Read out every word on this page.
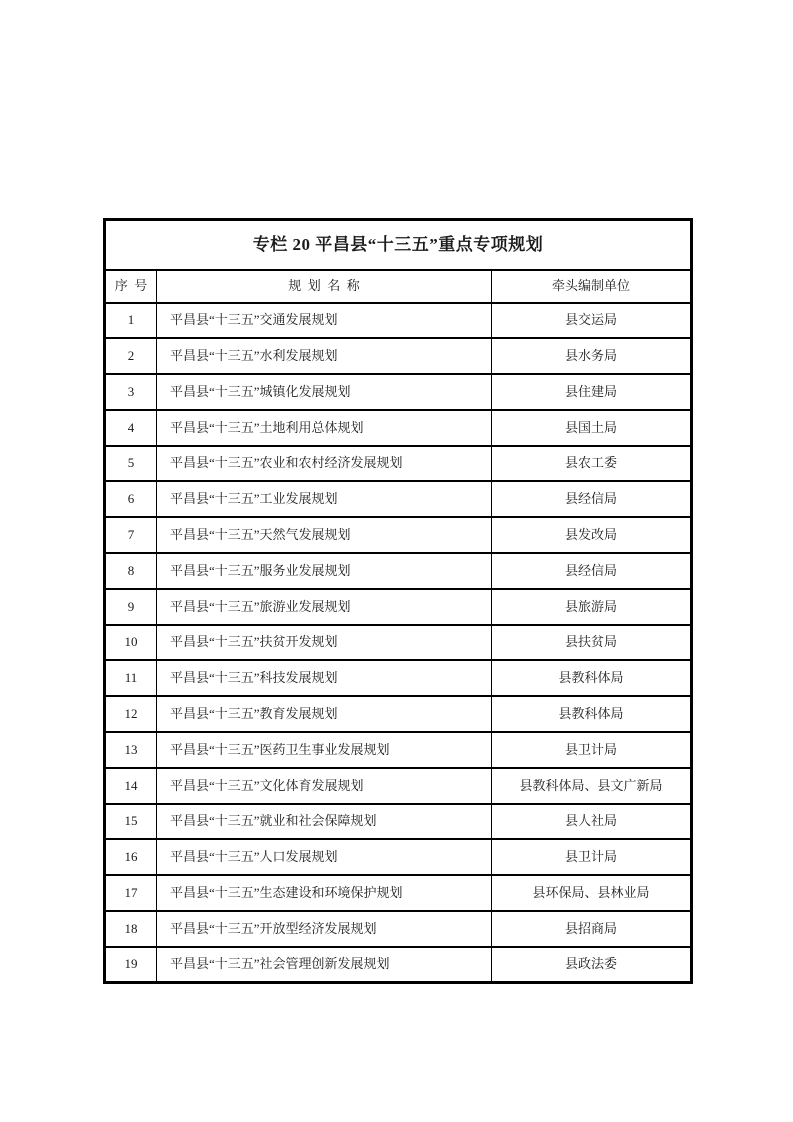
专栏 20 平昌县“十三五”重点专项规划		
序 号	规 划 名 称	牵头编制单位
1	平昌县“十三五”交通发展规划	县交运局
2	平昌县“十三五”水利发展规划	县水务局
3	平昌县“十三五”城镇化发展规划	县住建局
4	平昌县“十三五”土地利用总体规划	县国土局
5	平昌县“十三五”农业和农村经济发展规划	县农工委
6	平昌县“十三五”工业发展规划	县经信局
7	平昌县“十三五”天然气发展规划	县发改局
8	平昌县“十三五”服务业发展规划	县经信局
9	平昌县“十三五”旅游业发展规划	县旅游局
10	平昌县“十三五”扶贫开发规划	县扶贫局
11	平昌县“十三五”科技发展规划	县教科体局
12	平昌县“十三五”教育发展规划	县教科体局
13	平昌县“十三五”医药卫生事业发展规划	县卫计局
14	平昌县“十三五”文化体育发展规划	县教科体局、县文广新局
15	平昌县“十三五”就业和社会保障规划	县人社局
16	平昌县“十三五”人口发展规划	县卫计局
17	平昌县“十三五”生态建设和环境保护规划	县环保局、县林业局
18	平昌县“十三五”开放型经济发展规划	县招商局
19	平昌县“十三五”社会管理创新发展规划	县政法委
